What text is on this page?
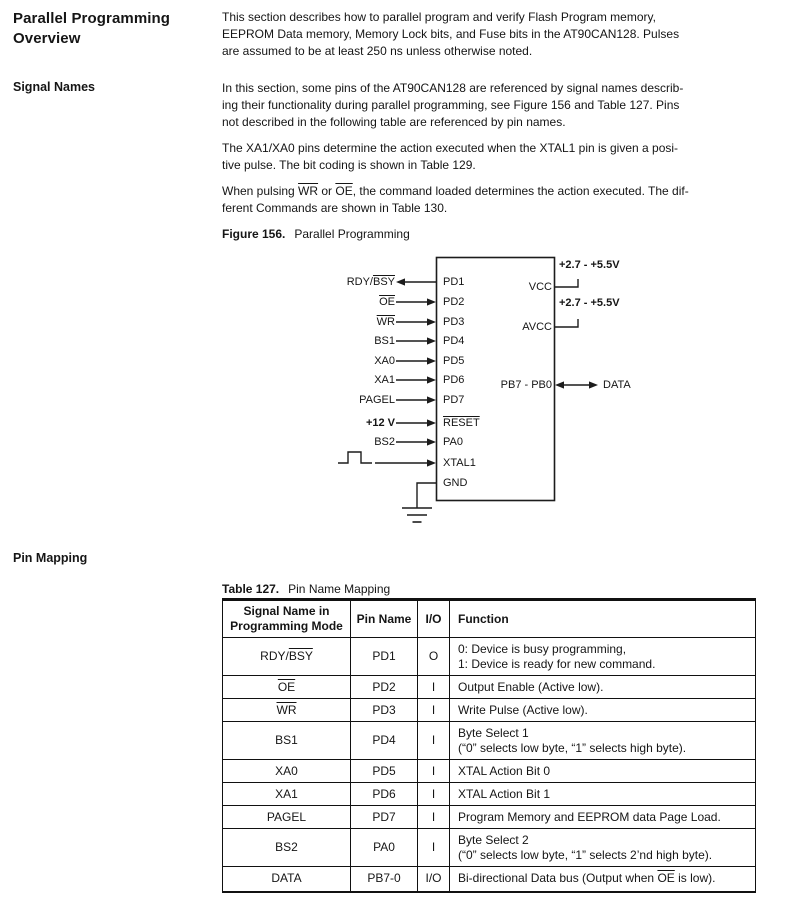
Parallel Programming
Overview
Signal Names
Pin Mapping
This section describes how to parallel program and verify Flash Program memory,
EEPROM Data memory, Memory Lock bits, and Fuse bits in the AT90CAN128. Pulses
are assumed to be at least 250 ns unless otherwise noted.
In this section, some pins of the AT90CAN128 are referenced by signal names describ-
ing their functionality during parallel programming, see Figure 156 and Table 127. Pins
not described in the following table are referenced by pin names.
The XA1/XA0 pins determine the action executed when the XTAL1 pin is given a posi-
tive pulse. The bit coding is shown in Table 129.
When pulsing $\overline{WR}$ or $\overline{OE}$, the command loaded determines the action executed. The dif-
ferent Commands are shown in Table 130.
Figure 156. Parallel Programming
RDY/$\overline{BSY}$
$\overline{OE}$
$\overline{WR}$
BS1
XA0
XA1
PAGEL
+12 V
BS2
PD1
PD2
PD3
PD4
PD5
PD6
PD7
RESET
PA0
XTAL1
GND
VCC
AVCC
PB7 - PB0
+2.7 - +5.5V
+2.7 - +5.5V
DATA
Table 127. Pin Name Mapping
Signal Name in
Programming Mode	Pin Name	I/O	Function
RDY/$\overline{BSY}$	PD1	O	0: Device is busy programming,
1: Device is ready for new command.
$\overline{OE}$	PD2	I	Output Enable (Active low).
$\overline{WR}$	PD3	I	Write Pulse (Active low).
BS1	PD4	I	Byte Select 1
(“0” selects low byte, “1” selects high byte).
XA0	PD5	I	XTAL Action Bit 0
XA1	PD6	I	XTAL Action Bit 1
PAGEL	PD7	I	Program Memory and EEPROM data Page Load.
BS2	PA0	I	Byte Select 2
(“0” selects low byte, “1” selects 2’nd high byte).
DATA	PB7-0	I/O	Bi-directional Data bus (Output when $\overline{OE}$ is low).
